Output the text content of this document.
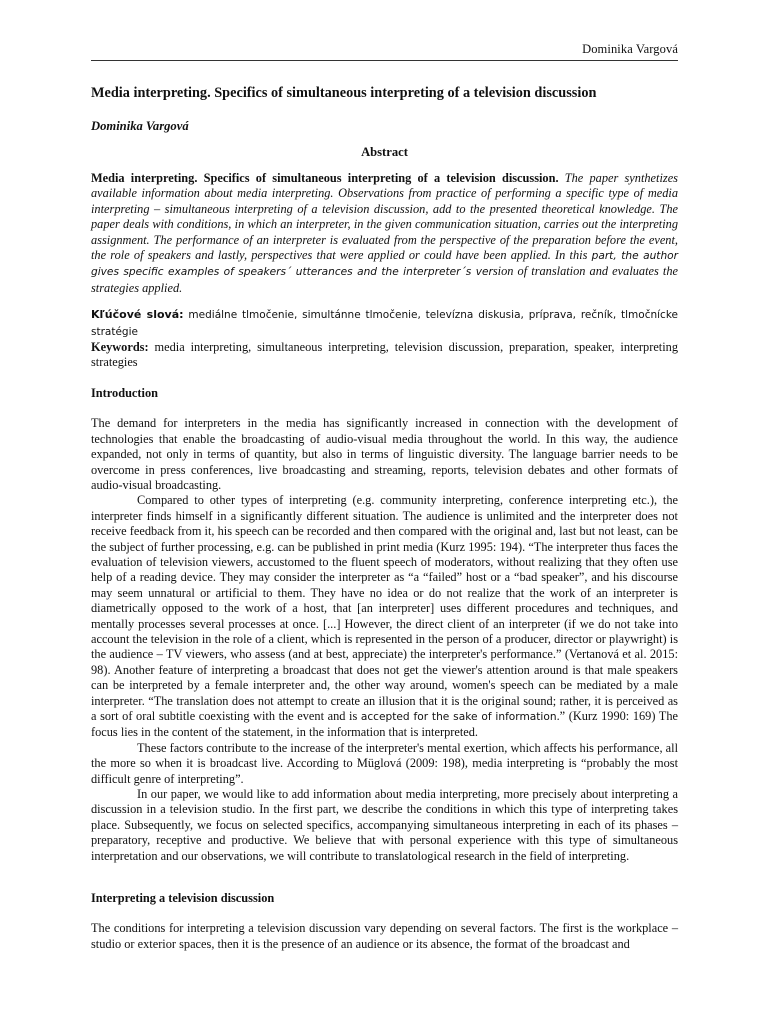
Dominika Vargová
Media interpreting. Specifics of simultaneous interpreting of a television discussion
Dominika Vargová
Abstract

Media interpreting. Specifics of simultaneous interpreting of a television discussion. The paper synthetizes available information about media interpreting. Observations from practice of performing a specific type of media interpreting – simultaneous interpreting of a television discussion, add to the presented theoretical knowledge. The paper deals with conditions, in which an interpreter, in the given communication situation, carries out the interpreting assignment. The performance of an interpreter is evaluated from the perspective of the preparation before the event, the role of speakers and lastly, perspectives that were applied or could have been applied. In this part, the author gives specific examples of speakers´ utterances and the interpreter´s version of translation and evaluates the strategies applied.

Kľúčové slová: mediálne tlmočenie, simultánne tlmočenie, televízna diskusia, príprava, rečník, tlmočnícke stratégie

Keywords: media interpreting, simultaneous interpreting, television discussion, preparation, speaker, interpreting strategies

Introduction

The demand for interpreters in the media has significantly increased in connection with the development of technologies that enable the broadcasting of audio-visual media throughout the world. In this way, the audience expanded, not only in terms of quantity, but also in terms of linguistic diversity. The language barrier needs to be overcome in press conferences, live broadcasting and streaming, reports, television debates and other formats of audio-visual broadcasting.

Compared to other types of interpreting (e.g. community interpreting, conference interpreting etc.), the interpreter finds himself in a significantly different situation. The audience is unlimited and the interpreter does not receive feedback from it, his speech can be recorded and then compared with the original and, last but not least, can be the subject of further processing, e.g. can be published in print media (Kurz 1995: 194). “The interpreter thus faces the evaluation of television viewers, accustomed to the fluent speech of moderators, without realizing that they often use help of a reading device. They may consider the interpreter as “a “failed” host or a “bad speaker”, and his discourse may seem unnatural or artificial to them. They have no idea or do not realize that the work of an interpreter is diametrically opposed to the work of a host, that [an interpreter] uses different procedures and techniques, and mentally processes several processes at once. [...] However, the direct client of an interpreter (if we do not take into account the television in the role of a client, which is represented in the person of a producer, director or playwright) is the audience – TV viewers, who assess (and at best, appreciate) the interpreter's performance.” (Vertanová et al. 2015: 98). Another feature of interpreting a broadcast that does not get the viewer's attention around is that male speakers can be interpreted by a female interpreter and, the other way around, women's speech can be mediated by a male interpreter. “The translation does not attempt to create an illusion that it is the original sound; rather, it is perceived as a sort of oral subtitle coexisting with the event and is accepted for the sake of information.” (Kurz 1990: 169) The focus lies in the content of the statement, in the information that is interpreted.

These factors contribute to the increase of the interpreter's mental exertion, which affects his performance, all the more so when it is broadcast live. According to Müglová (2009: 198), media interpreting is “probably the most difficult genre of interpreting”.

In our paper, we would like to add information about media interpreting, more precisely about interpreting a discussion in a television studio. In the first part, we describe the conditions in which this type of interpreting takes place. Subsequently, we focus on selected specifics, accompanying simultaneous interpreting in each of its phases – preparatory, receptive and productive. We believe that with personal experience with this type of simultaneous interpretation and our observations, we will contribute to translatological research in the field of interpreting.

Interpreting a television discussion

The conditions for interpreting a television discussion vary depending on several factors. The first is the workplace – studio or exterior spaces, then it is the presence of an audience or its absence, the format of the broadcast and
